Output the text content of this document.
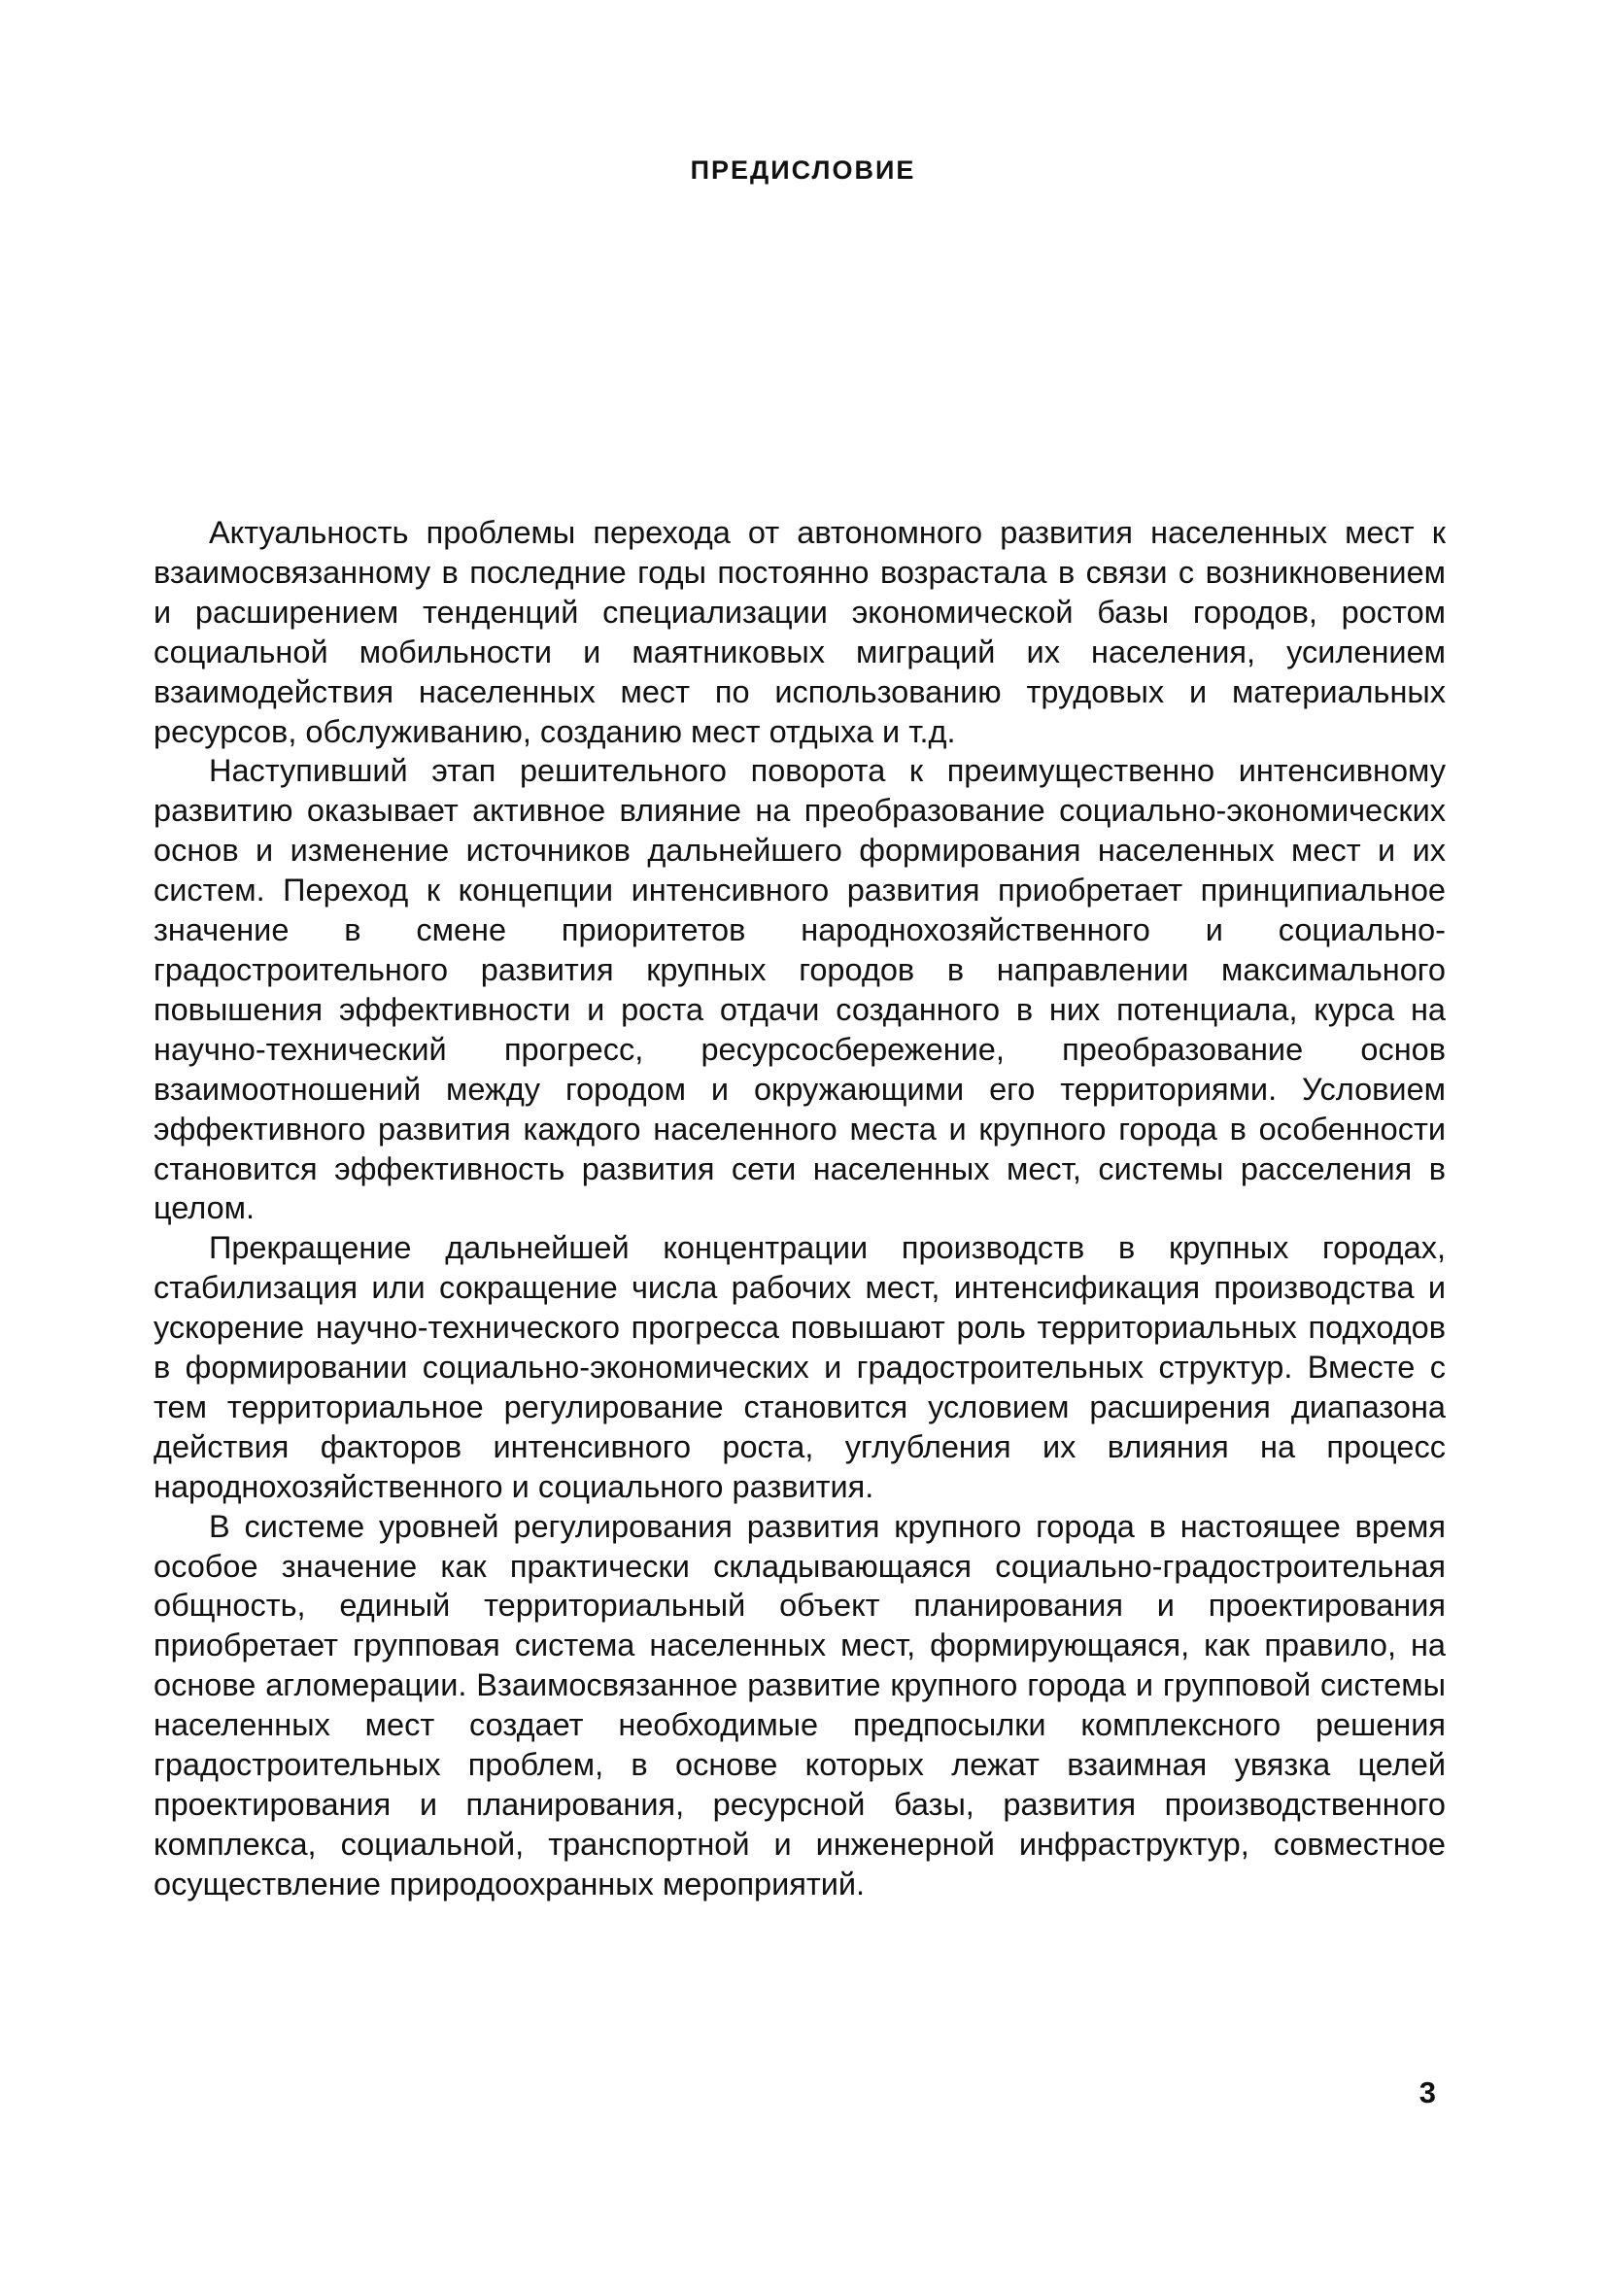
ПРЕДИСЛОВИЕ

Актуальность проблемы перехода от автономного развития населенных мест к взаимосвязанному в последние годы постоянно возрастала в связи с возникновением и расширением тенденций специализации экономической базы городов, ростом социальной мобильности и маятниковых миграций их населения, усилением взаимодействия населенных мест по использованию трудовых и материальных ресурсов, обслуживанию, созданию мест отдыха и т.д.

Наступивший этап решительного поворота к преимущественно интенсивному развитию оказывает активное влияние на преобразование социально-экономических основ и изменение источников дальнейшего формирования населенных мест и их систем. Переход к концепции интенсивного развития приобретает принципиальное значение в смене приоритетов народнохозяйственного и социально-градостроительного развития крупных городов в направлении максимального повышения эффективности и роста отдачи созданного в них потенциала, курса на научно-технический прогресс, ресурсосбережение, преобразование основ взаимоотношений между городом и окружающими его территориями. Условием эффективного развития каждого населенного места и крупного города в особенности становится эффективность развития сети населенных мест, системы расселения в целом.

Прекращение дальнейшей концентрации производств в крупных городах, стабилизация или сокращение числа рабочих мест, интенсификация производства и ускорение научно-технического прогресса повышают роль территориальных подходов в формировании социально-экономических и градостроительных структур. Вместе с тем территориальное регулирование становится условием расширения диапазона действия факторов интенсивного роста, углубления их влияния на процесс народнохозяйственного и социального развития.

В системе уровней регулирования развития крупного города в настоящее время особое значение как практически складывающаяся социально-градостроительная общность, единый территориальный объект планирования и проектирования приобретает групповая система населенных мест, формирующаяся, как правило, на основе агломерации. Взаимосвязанное развитие крупного города и групповой системы населенных мест создает необходимые предпосылки комплексного решения градостроительных проблем, в основе которых лежат взаимная увязка целей проектирования и планирования, ресурсной базы, развития производственного комплекса, социальной, транспортной и инженерной инфраструктур, совместное осуществление природоохранных мероприятий.

3
